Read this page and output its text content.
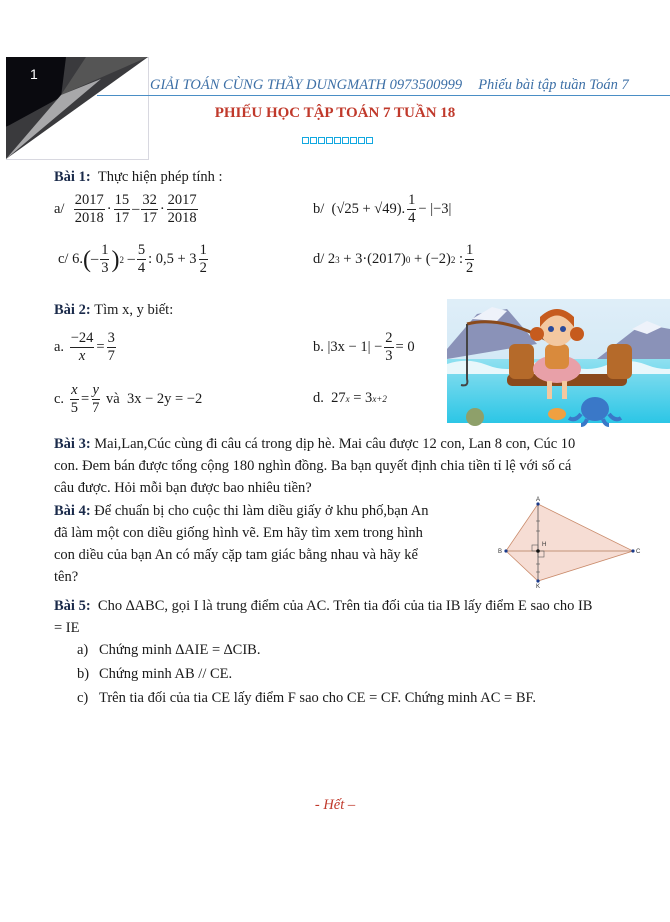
1
GIẢI TOÁN CÙNG THẦY DUNGMATH 0973500999 Phiếu bài tập tuần Toán 7
PHIẾU HỌC TẬP TOÁN 7 TUẦN 18
Bài 1: Thực hiện phép tính :
a/
$\frac{2017}{2018} \cdot \frac{15}{17} - \frac{32}{17} \cdot \frac{2017}{2018}$	b/
(√25 + √49). $\frac{1}{4} - |-3|$
c/
6. ( – $\frac{1}{3}$ ) $2 - \frac{5}{4}$ : $0,5 + 3 \frac{1}{2}$	d/
2 3
+ 3·(2017) 0
+ (−2) 2
: $\frac{1}{2}$
Bài 2: Tìm x, y biết:
a.
$\frac{-24}{x} = \frac{3}{7}$	b.
$|3x - 1| - \frac{2}{3} = 0$
c.
$\frac{x}{5} = \frac{y}{7}$
và
3x − 2y = −2	d.
27 x
= 3 x+2
Bài 3: Mai,Lan,Cúc cùng đi câu cá trong dịp hè. Mai câu được 12 con, Lan 8 con, Cúc 10
con. Đem bán được tổng cộng 180 nghìn đồng. Ba bạn quyết định chia tiền tỉ lệ với số cá
câu được. Hỏi mỗi bạn được bao nhiêu tiền?
Bài 4: Để chuẩn bị cho cuộc thi làm diều giấy ở khu phố,bạn An
đã làm một con diều giống hình vẽ. Em hãy tìm xem trong hình
con diều của bạn An có mấy cặp tam giác bằng nhau và hãy kể
tên?
A
B	C
K
H
Bài 5: Cho ∆ABC, gọi I là trung điểm của AC. Trên tia đối của tia IB lấy điểm E sao cho IB
= IE
a) Chứng minh ∆AIE = ∆CIB.
b) Chứng minh AB // CE.
c) Trên tia đối của tia CE lấy điểm F sao cho CE = CF. Chứng minh AC = BF.
- Hết –
